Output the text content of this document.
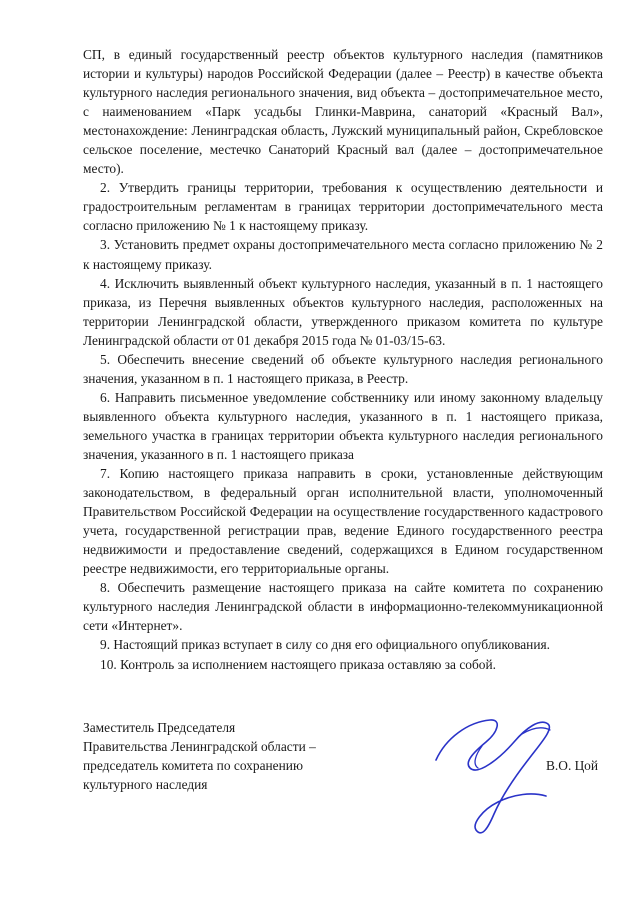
СП, в единый государственный реестр объектов культурного наследия (памятников истории и культуры) народов Российской Федерации (далее – Реестр) в качестве объекта культурного наследия регионального значения, вид объекта – достопримечательное место, с наименованием «Парк усадьбы Глинки-Маврина, санаторий «Красный Вал», местонахождение: Ленинградская область, Лужский муниципальный район, Скребловское сельское поселение, местечко Санаторий Красный вал (далее – достопримечательное место).

2. Утвердить границы территории, требования к осуществлению деятельности и градостроительным регламентам в границах территории достопримечательного места согласно приложению № 1 к настоящему приказу.

3. Установить предмет охраны достопримечательного места согласно приложению № 2 к настоящему приказу.

4. Исключить выявленный объект культурного наследия, указанный в п. 1 настоящего приказа, из Перечня выявленных объектов культурного наследия, расположенных на территории Ленинградской области, утвержденного приказом комитета по культуре Ленинградской области от 01 декабря 2015 года № 01-03/15-63.

5. Обеспечить внесение сведений об объекте культурного наследия регионального значения, указанном в п. 1 настоящего приказа, в Реестр.

6. Направить письменное уведомление собственнику или иному законному владельцу выявленного объекта культурного наследия, указанного в п. 1 настоящего приказа, земельного участка в границах территории объекта культурного наследия регионального значения, указанного в п. 1 настоящего приказа

7. Копию настоящего приказа направить в сроки, установленные действующим законодательством, в федеральный орган исполнительной власти, уполномоченный Правительством Российской Федерации на осуществление государственного кадастрового учета, государственной регистрации прав, ведение Единого государственного реестра недвижимости и предоставление сведений, содержащихся в Едином государственном реестре недвижимости, его территориальные органы.

8. Обеспечить размещение настоящего приказа на сайте комитета по сохранению культурного наследия Ленинградской области в информационно-телекоммуникационной сети «Интернет».

9. Настоящий приказ вступает в силу со дня его официального опубликования.

10. Контроль за исполнением настоящего приказа оставляю за собой.

Заместитель Председателя
Правительства Ленинградской области –
председатель комитета по сохранению
культурного наследия

В.О. Цой
